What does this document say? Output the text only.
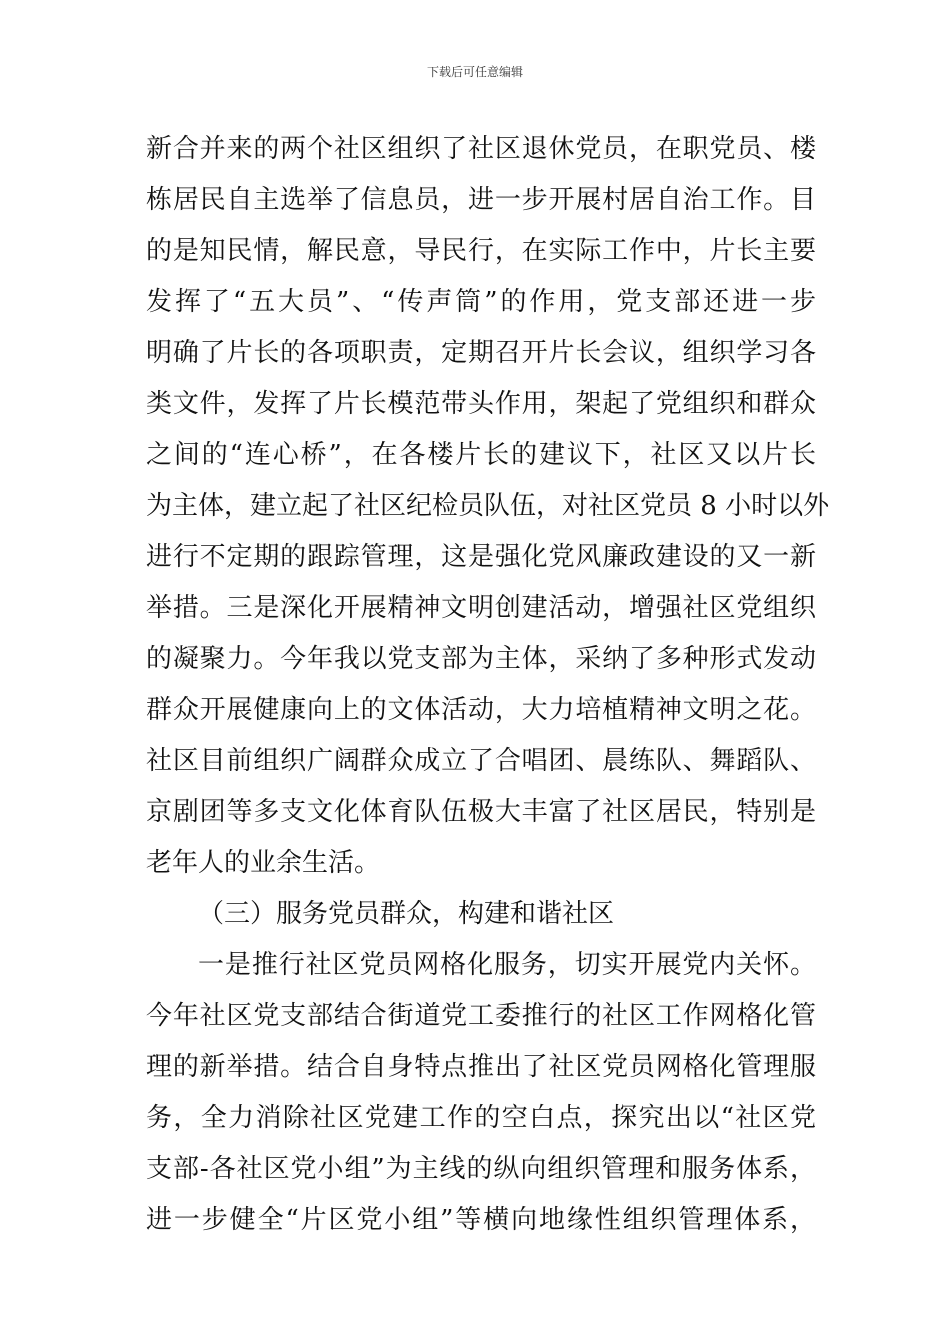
下载后可任意编辑
新合并来的两个社区组织了社区退休党员，在职党员、楼
栋居民自主选举了信息员，进一步开展村居自治工作。目
的是知民情，解民意，导民行，在实际工作中，片长主要
发挥了“五大员”、“传声筒”的作用，党支部还进一步
明确了片长的各项职责，定期召开片长会议，组织学习各
类文件，发挥了片长模范带头作用，架起了党组织和群众
之间的“连心桥”，在各楼片长的建议下，社区又以片长
为主体，建立起了社区纪检员队伍，对社区党员 8 小时以外
进行不定期的跟踪管理，这是强化党风廉政建设的又一新
举措。三是深化开展精神文明创建活动，增强社区党组织
的凝聚力。今年我以党支部为主体，采纳了多种形式发动
群众开展健康向上的文体活动，大力培植精神文明之花。
社区目前组织广阔群众成立了合唱团、晨练队、舞蹈队、
京剧团等多支文化体育队伍极大丰富了社区居民，特别是
老年人的业余生活。
（三）服务党员群众，构建和谐社区
一是推行社区党员网格化服务，切实开展党内关怀。
今年社区党支部结合街道党工委推行的社区工作网格化管
理的新举措。结合自身特点推出了社区党员网格化管理服
务，全力消除社区党建工作的空白点，探究出以“社区党
支部-各社区党小组”为主线的纵向组织管理和服务体系，
进一步健全“片区党小组”等横向地缘性组织管理体系，
